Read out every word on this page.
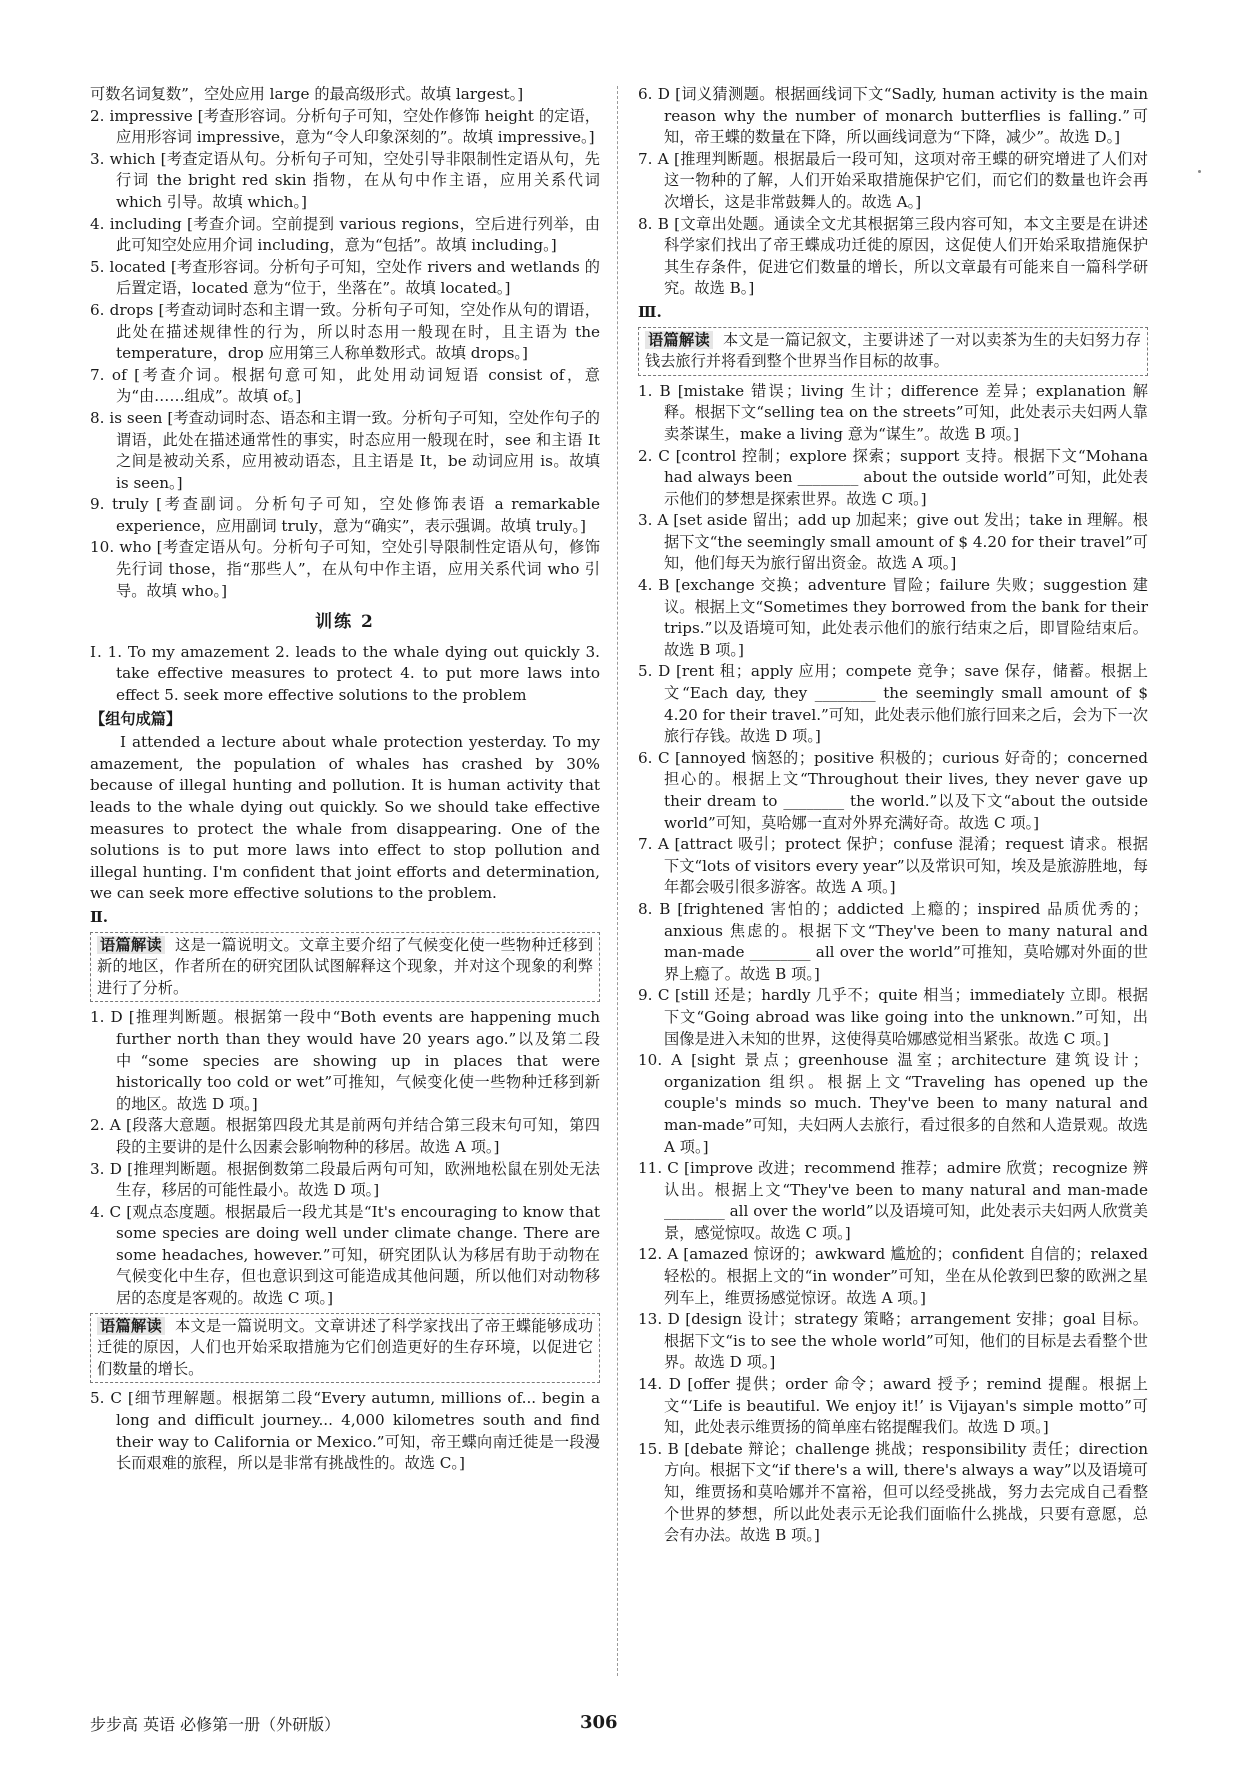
可数名词复数”，空处应用 large 的最高级形式。故填 largest。]

2. impressive [考查形容词。分析句子可知，空处作修饰 height 的定语，应用形容词 impressive，意为“令人印象深刻的”。故填 impressive。]

3. which [考查定语从句。分析句子可知，空处引导非限制性定语从句，先行词 the bright red skin 指物，在从句中作主语，应用关系代词 which 引导。故填 which。]

4. including [考查介词。空前提到 various regions，空后进行列举，由此可知空处应用介词 including，意为“包括”。故填 including。]

5. located [考查形容词。分析句子可知，空处作 rivers and wetlands 的后置定语，located 意为“位于，坐落在”。故填 located。]

6. drops [考查动词时态和主谓一致。分析句子可知，空处作从句的谓语，此处在描述规律性的行为，所以时态用一般现在时，且主语为 the temperature，drop 应用第三人称单数形式。故填 drops。]

7. of [考查介词。根据句意可知，此处用动词短语 consist of，意为“由……组成”。故填 of。]

8. is seen [考查动词时态、语态和主谓一致。分析句子可知，空处作句子的谓语，此处在描述通常性的事实，时态应用一般现在时，see 和主语 It 之间是被动关系，应用被动语态，且主语是 It，be 动词应用 is。故填 is seen。]

9. truly [考查副词。分析句子可知，空处修饰表语 a remarkable experience，应用副词 truly，意为“确实”，表示强调。故填 truly。]

10. who [考查定语从句。分析句子可知，空处引导限制性定语从句，修饰先行词 those，指“那些人”，在从句中作主语，应用关系代词 who 引导。故填 who。]

训练 2

Ⅰ. 1. To my amazement 2. leads to the whale dying out quickly 3. take effective measures to protect 4. to put more laws into effect 5. seek more effective solutions to the problem

【组句成篇】

I attended a lecture about whale protection yesterday. To my amazement, the population of whales has crashed by 30% because of illegal hunting and pollution. It is human activity that leads to the whale dying out quickly. So we should take effective measures to protect the whale from disappearing. One of the solutions is to put more laws into effect to stop pollution and illegal hunting. I'm confident that joint efforts and determination, we can seek more effective solutions to the problem.

Ⅱ.
语篇解读 这是一篇说明文。文章主要介绍了气候变化使一些物种迁移到新的地区，作者所在的研究团队试图解释这个现象，并对这个现象的利弊进行了分析。

1. D [推理判断题。根据第一段中“Both events are happening much further north than they would have 20 years ago.”以及第二段中“some species are showing up in places that were historically too cold or wet”可推知，气候变化使一些物种迁移到新的地区。故选 D 项。]

2. A [段落大意题。根据第四段尤其是前两句并结合第三段末句可知，第四段的主要讲的是什么因素会影响物种的移居。故选 A 项。]

3. D [推理判断题。根据倒数第二段最后两句可知，欧洲地松鼠在别处无法生存，移居的可能性最小。故选 D 项。]

4. C [观点态度题。根据最后一段尤其是“It's encouraging to know that some species are doing well under climate change. There are some headaches, however.”可知，研究团队认为移居有助于动物在气候变化中生存，但也意识到这可能造成其他问题，所以他们对动物移居的态度是客观的。故选 C 项。]

语篇解读 本文是一篇说明文。文章讲述了科学家找出了帝王蝶能够成功迁徙的原因，人们也开始采取措施为它们创造更好的生存环境，以促进它们数量的增长。

5. C [细节理解题。根据第二段“Every autumn, millions of... begin a long and difficult journey... 4,000 kilometres south and find their way to California or Mexico.”可知，帝王蝶向南迁徙是一段漫长而艰难的旅程，所以是非常有挑战性的。故选 C。]

6. D [词义猜测题。根据画线词下文“Sadly, human activity is the main reason why the number of monarch butterflies is falling.”可知，帝王蝶的数量在下降，所以画线词意为“下降，减少”。故选 D。]

7. A [推理判断题。根据最后一段可知，这项对帝王蝶的研究增进了人们对这一物种的了解，人们开始采取措施保护它们，而它们的数量也许会再次增长，这是非常鼓舞人的。故选 A。]

8. B [文章出处题。通读全文尤其根据第三段内容可知，本文主要是在讲述科学家们找出了帝王蝶成功迁徙的原因，这促使人们开始采取措施保护其生存条件，促进它们数量的增长，所以文章最有可能来自一篇科学研究。故选 B。]

Ⅲ.
语篇解读 本文是一篇记叙文，主要讲述了一对以卖茶为生的夫妇努力存钱去旅行并将看到整个世界当作目标的故事。

1. B [mistake 错误；living 生计；difference 差异；explanation 解释。根据下文“selling tea on the streets”可知，此处表示夫妇两人靠卖茶谋生，make a living 意为“谋生”。故选 B 项。]

2. C [control 控制；explore 探索；support 支持。根据下文“Mohana had always been ________ about the outside world”可知，此处表示他们的梦想是探索世界。故选 C 项。]

3. A [set aside 留出；add up 加起来；give out 发出；take in 理解。根据下文“the seemingly small amount of $ 4.20 for their travel”可知，他们每天为旅行留出资金。故选 A 项。]

4. B [exchange 交换；adventure 冒险；failure 失败；suggestion 建议。根据上文“Sometimes they borrowed from the bank for their trips.”以及语境可知，此处表示他们的旅行结束之后，即冒险结束后。故选 B 项。]

5. D [rent 租；apply 应用；compete 竞争；save 保存，储蓄。根据上文“Each day, they ________ the seemingly small amount of $ 4.20 for their travel.”可知，此处表示他们旅行回来之后，会为下一次旅行存钱。故选 D 项。]

6. C [annoyed 恼怒的；positive 积极的；curious 好奇的；concerned 担心的。根据上文“Throughout their lives, they never gave up their dream to ________ the world.”以及下文“about the outside world”可知，莫哈娜一直对外界充满好奇。故选 C 项。]

7. A [attract 吸引；protect 保护；confuse 混淆；request 请求。根据下文“lots of visitors every year”以及常识可知，埃及是旅游胜地，每年都会吸引很多游客。故选 A 项。]

8. B [frightened 害怕的；addicted 上瘾的；inspired 品质优秀的；anxious 焦虑的。根据下文“They've been to many natural and man-made ________ all over the world”可推知，莫哈娜对外面的世界上瘾了。故选 B 项。]

9. C [still 还是；hardly 几乎不；quite 相当；immediately 立即。根据下文“Going abroad was like going into the unknown.”可知，出国像是进入未知的世界，这使得莫哈娜感觉相当紧张。故选 C 项。]

10. A [sight 景点；greenhouse 温室；architecture 建筑设计；organization 组织。根据上文“Traveling has opened up the couple's minds so much. They've been to many natural and man-made”可知，夫妇两人去旅行，看过很多的自然和人造景观。故选 A 项。]

11. C [improve 改进；recommend 推荐；admire 欣赏；recognize 辨认出。根据上文“They've been to many natural and man-made ________ all over the world”以及语境可知，此处表示夫妇两人欣赏美景，感觉惊叹。故选 C 项。]

12. A [amazed 惊讶的；awkward 尴尬的；confident 自信的；relaxed 轻松的。根据上文的“in wonder”可知，坐在从伦敦到巴黎的欧洲之星列车上，维贾扬感觉惊讶。故选 A 项。]

13. D [design 设计；strategy 策略；arrangement 安排；goal 目标。根据下文“is to see the whole world”可知，他们的目标是去看整个世界。故选 D 项。]

14. D [offer 提供；order 命令；award 授予；remind 提醒。根据上文“‘Life is beautiful. We enjoy it!’ is Vijayan's simple motto”可知，此处表示维贾扬的简单座右铭提醒我们。故选 D 项。]

15. B [debate 辩论；challenge 挑战；responsibility 责任；direction 方向。根据下文“if there's a will, there's always a way”以及语境可知，维贾扬和莫哈娜并不富裕，但可以经受挑战，努力去完成自己看整个世界的梦想，所以此处表示无论我们面临什么挑战，只要有意愿，总会有办法。故选 B 项。]

步步高 英语 必修第一册（外研版）	306
